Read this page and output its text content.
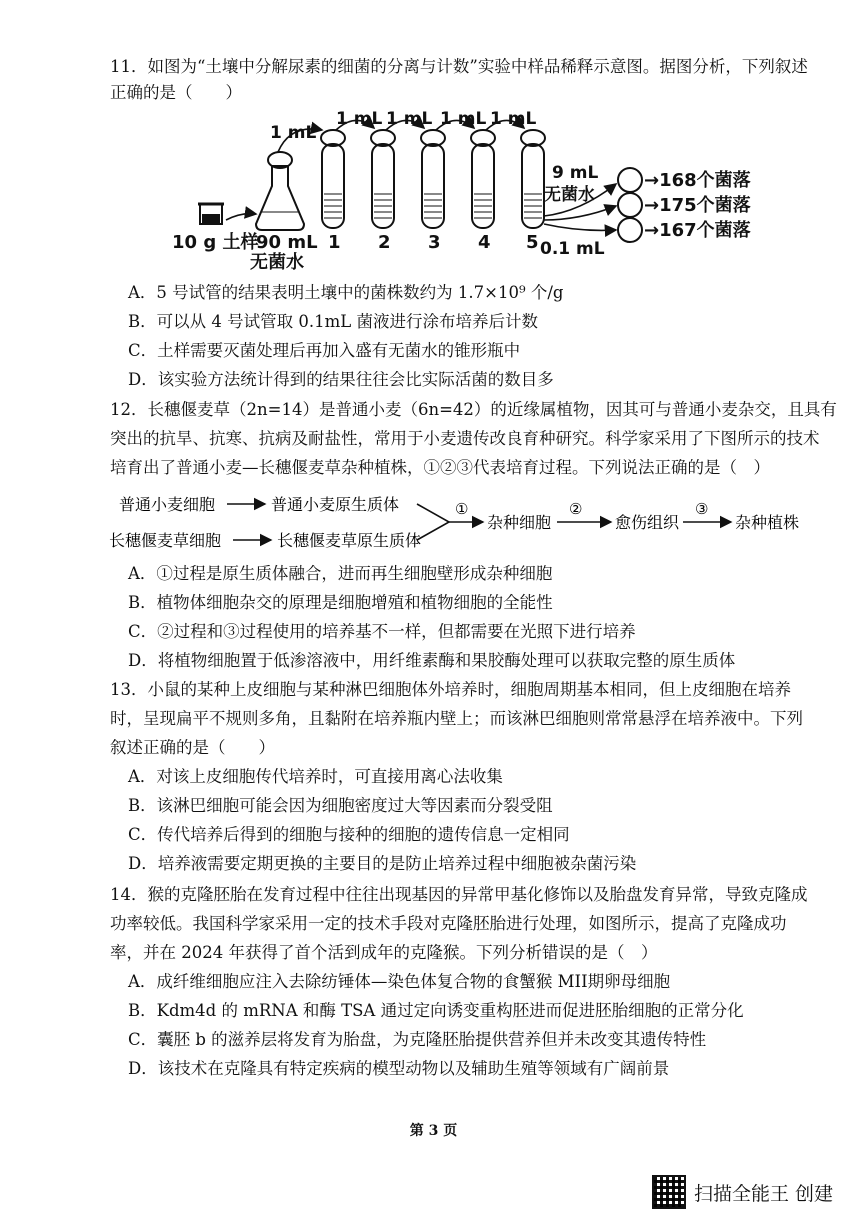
11．如图为“土壤中分解尿素的细菌的分离与计数”实验中样品稀释示意图。据图分析，下列叙述
正确的是（　　）
1 mL
1 mL 1 mL 1 mL 1 mL
10 g 土样
90 mL
无菌水
1 2 3 4 5
9 mL
无菌水
0.1 mL
→168个菌落
→175个菌落
→167个菌落
A．5 号试管的结果表明土壤中的菌株数约为 1.7×10⁹ 个/g
B．可以从 4 号试管取 0.1mL 菌液进行涂布培养后计数
C．土样需要灭菌处理后再加入盛有无菌水的锥形瓶中
D．该实验方法统计得到的结果往往会比实际活菌的数目多
12．长穗偃麦草（2n=14）是普通小麦（6n=42）的近缘属植物，因其可与普通小麦杂交，且具有
突出的抗旱、抗寒、抗病及耐盐性，常用于小麦遗传改良育种研究。科学家采用了下图所示的技术
培育出了普通小麦—长穗偃麦草杂种植株，①②③代表培育过程。下列说法正确的是（　）
普通小麦细胞	普通小麦原生质体
长穗偃麦草细胞	长穗偃麦草原生质体
①
杂种细胞
②
愈伤组织
③
杂种植株
A．①过程是原生质体融合，进而再生细胞壁形成杂种细胞
B．植物体细胞杂交的原理是细胞增殖和植物细胞的全能性
C．②过程和③过程使用的培养基不一样，但都需要在光照下进行培养
D．将植物细胞置于低渗溶液中，用纤维素酶和果胶酶处理可以获取完整的原生质体
13．小鼠的某种上皮细胞与某种淋巴细胞体外培养时，细胞周期基本相同，但上皮细胞在培养
时，呈现扁平不规则多角，且黏附在培养瓶内壁上；而该淋巴细胞则常常悬浮在培养液中。下列
叙述正确的是（　　）
A．对该上皮细胞传代培养时，可直接用离心法收集
B．该淋巴细胞可能会因为细胞密度过大等因素而分裂受阻
C．传代培养后得到的细胞与接种的细胞的遗传信息一定相同
D．培养液需要定期更换的主要目的是防止培养过程中细胞被杂菌污染
14．猴的克隆胚胎在发育过程中往往出现基因的异常甲基化修饰以及胎盘发育异常，导致克隆成
功率较低。我国科学家采用一定的技术手段对克隆胚胎进行处理，如图所示，提高了克隆成功
率，并在 2024 年获得了首个活到成年的克隆猴。下列分析错误的是（　）
A．成纤维细胞应注入去除纺锤体—染色体复合物的食蟹猴 MII期卵母细胞
B．Kdm4d 的 mRNA 和酶 TSA 通过定向诱变重构胚进而促进胚胎细胞的正常分化
C．囊胚 b 的滋养层将发育为胎盘，为克隆胚胎提供营养但并未改变其遗传特性
D．该技术在克隆具有特定疾病的模型动物以及辅助生殖等领域有广阔前景
第 3 页
扫描全能王 创建
